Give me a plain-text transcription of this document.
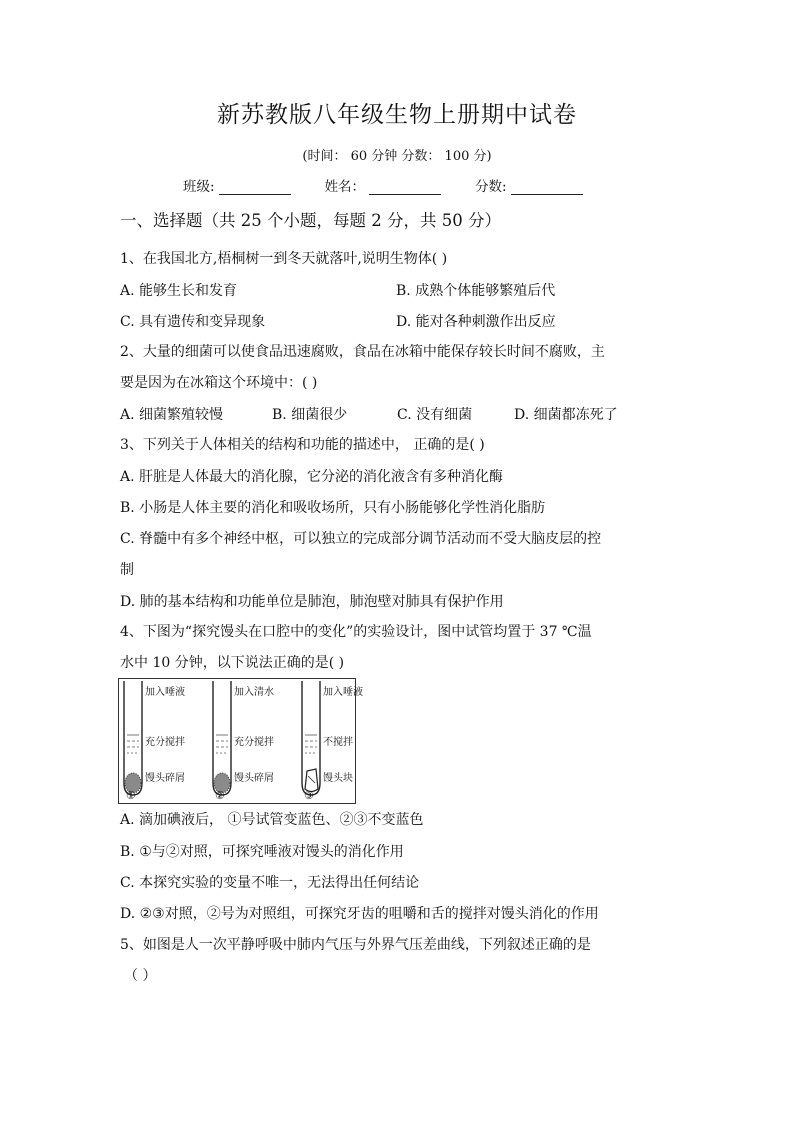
新苏教版八年级生物上册期中试卷
(时间： 60 分钟 分数： 100 分)
班级:	姓名：	分数:
一、选择题（共 25 个小题，每题 2 分，共 50 分）
1、在我国北方,梧桐树一到冬天就落叶,说明生物体( )
A. 能够生长和发育	B. 成熟个体能够繁殖后代
C. 具有遗传和变异现象	D. 能对各种刺激作出反应
2、大量的细菌可以使食品迅速腐败，食品在冰箱中能保存较长时间不腐败，主
要是因为在冰箱这个环境中：( )
A. 细菌繁殖较慢	B. 细菌很少	C. 没有细菌	D. 细菌都冻死了
3、下列关于人体相关的结构和功能的描述中， 正确的是( )
A. 肝脏是人体最大的消化腺，它分泌的消化液含有多种消化酶
B. 小肠是人体主要的消化和吸收场所，只有小肠能够化学性消化脂肪
C. 脊髓中有多个神经中枢，可以独立的完成部分调节活动而不受大脑皮层的控
制
D. 肺的基本结构和功能单位是肺泡，肺泡壁对肺具有保护作用
4、下图为“探究馒头在口腔中的变化”的实验设计，图中试管均置于 37 ℃温
水中 10 分钟，以下说法正确的是( )
加入唾液
充分搅拌
馒头碎屑
①
加入清水
充分搅拌
馒头碎屑
②
加入唾液
不搅拌
馒头块
③
A. 滴加碘液后， ①号试管变蓝色、②③不变蓝色
B. ①与②对照，可探究唾液对馒头的消化作用
C. 本探究实验的变量不唯一，无法得出任何结论
D. ②③对照，②号为对照组，可探究牙齿的咀嚼和舌的搅拌对馒头消化的作用
5、如图是人一次平静呼吸中肺内气压与外界气压差曲线，下列叙述正确的是
（ ）
